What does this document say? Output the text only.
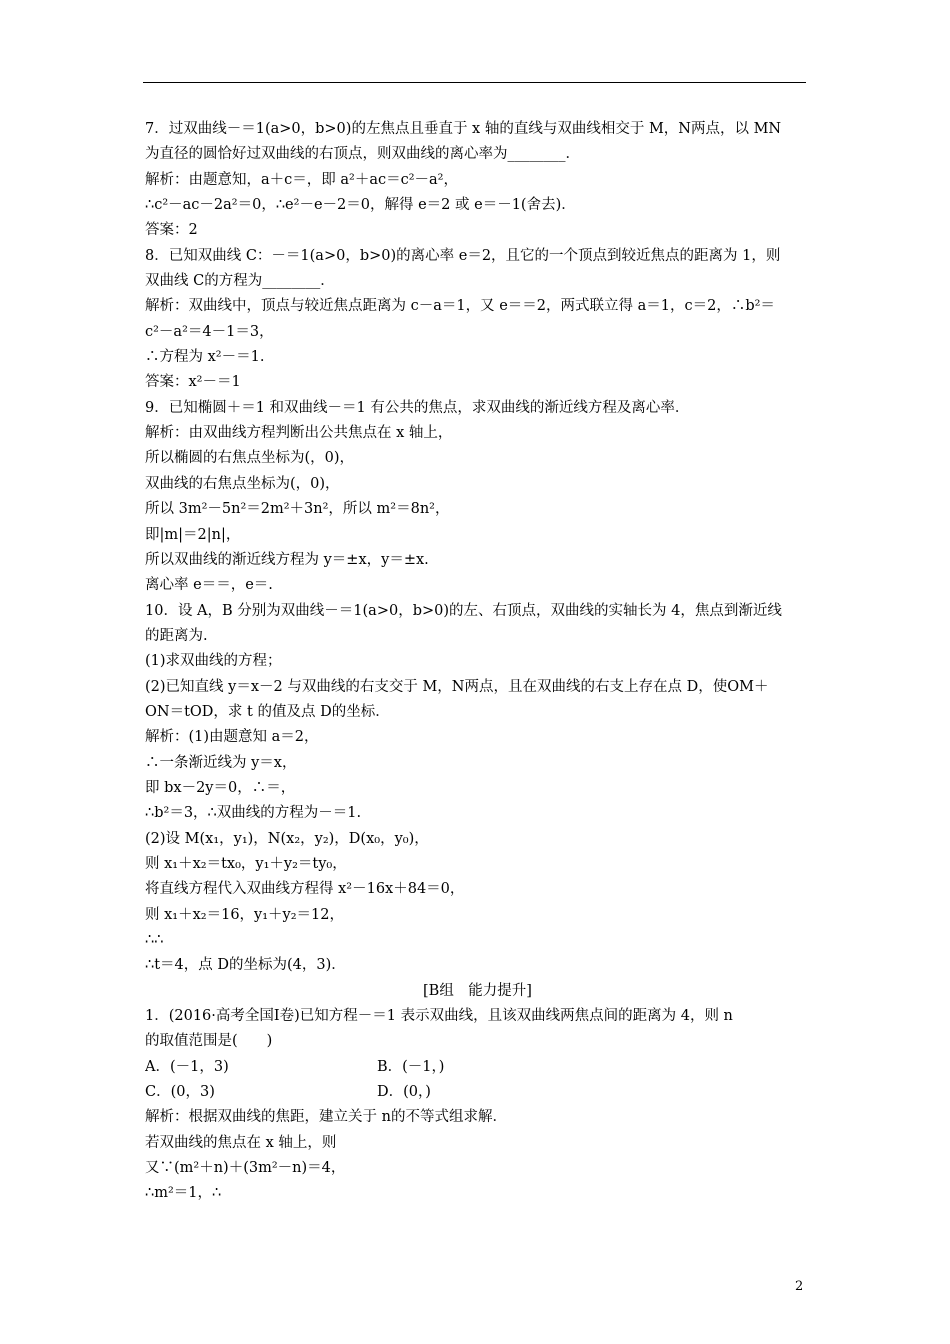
7．过双曲线－＝1(a>0，b>0)的左焦点且垂直于 x 轴的直线与双曲线相交于 M，N两点，以 MN
为直径的圆恰好过双曲线的右顶点，则双曲线的离心率为________．
解析：由题意知，a＋c＝，即 a²＋ac＝c²－a²，
∴c²－ac－2a²＝0，∴e²－e－2＝0，解得 e＝2 或 e＝－1(舍去)．
答案：2
8．已知双曲线 C：－＝1(a>0，b>0)的离心率 e＝2，且它的一个顶点到较近焦点的距离为 1，则
双曲线 C的方程为________．
解析：双曲线中，顶点与较近焦点距离为 c－a＝1，又 e＝＝2，两式联立得 a＝1，c＝2，∴b²＝
c²－a²＝4－1＝3，
∴方程为 x²－＝1.
答案：x²－＝1
9．已知椭圆＋＝1 和双曲线－＝1 有公共的焦点，求双曲线的渐近线方程及离心率．
解析：由双曲线方程判断出公共焦点在 x 轴上，
所以椭圆的右焦点坐标为(，0)，
双曲线的右焦点坐标为(，0)，
所以 3m²－5n²＝2m²＋3n²，所以 m²＝8n²，
即|m|＝2|n|，
所以双曲线的渐近线方程为 y＝±x，y＝±x.
离心率 e＝＝，e＝.
10．设 A，B 分别为双曲线－＝1(a>0，b>0)的左、右顶点，双曲线的实轴长为 4，焦点到渐近线
的距离为.
(1)求双曲线的方程；
(2)已知直线 y＝x－2 与双曲线的右支交于 M，N两点，且在双曲线的右支上存在点 D，使OM＋
ON＝tOD，求 t 的值及点 D的坐标．
解析：(1)由题意知 a＝2，
∴一条渐近线为 y＝x，
即 bx－2y＝0，∴＝，
∴b²＝3，∴双曲线的方程为－＝1.
(2)设 M(x₁，y₁)，N(x₂，y₂)，D(x₀，y₀)，
则 x₁＋x₂＝tx₀，y₁＋y₂＝ty₀，
将直线方程代入双曲线方程得 x²－16x＋84＝0，
则 x₁＋x₂＝16，y₁＋y₂＝12，
∴∴
∴t＝4，点 D的坐标为(4，3)．
[B组　能力提升]
1．(2016·高考全国Ⅰ卷)已知方程－＝1 表示双曲线，且该双曲线两焦点间的距离为 4，则 n
的取值范围是(　　)
A．(－1，3)	B．(－1，)
C．(0，3)	D．(0，)
解析：根据双曲线的焦距，建立关于 n的不等式组求解．
若双曲线的焦点在 x 轴上，则
又∵(m²＋n)＋(3m²－n)＝4，
∴m²＝1，∴
2
